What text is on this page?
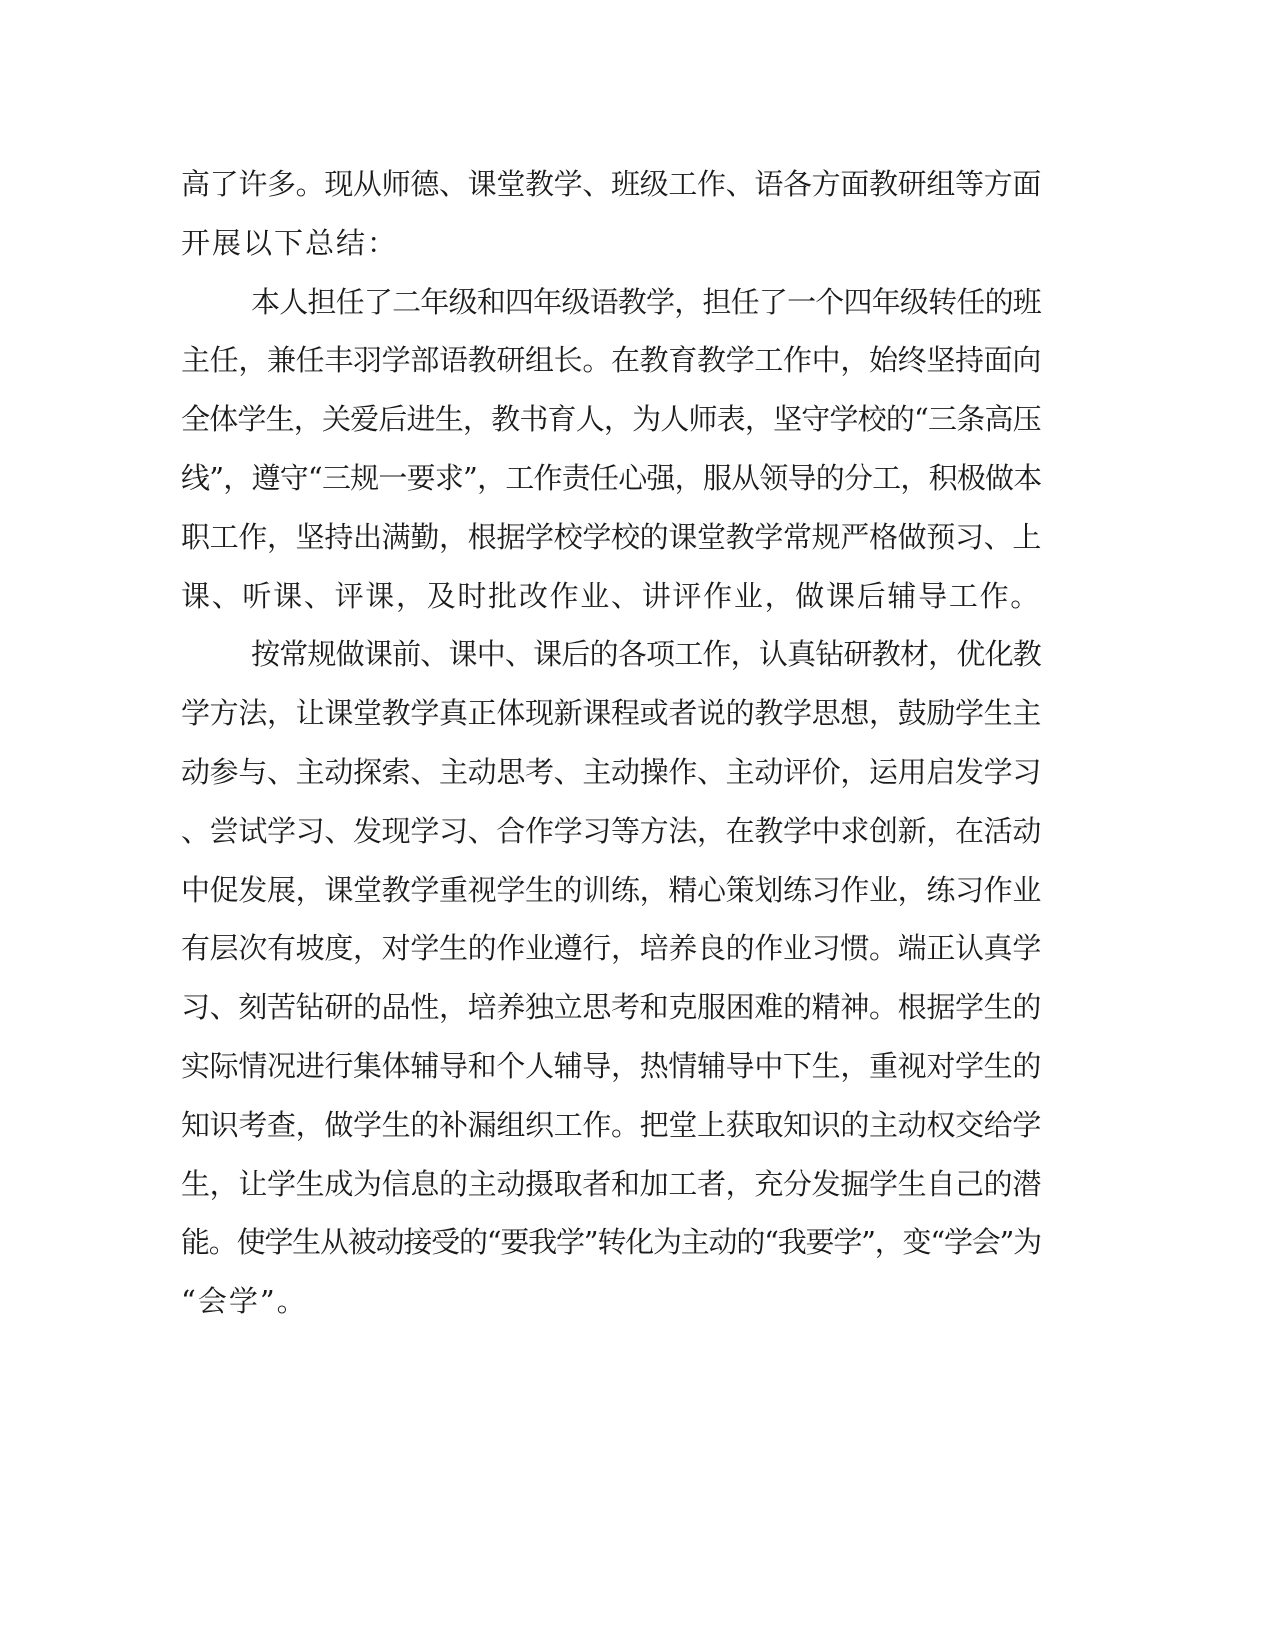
高了许多。现从师德、课堂教学、班级工作、语各方面教研组等方面
开展以下总结：
本人担任了二年级和四年级语教学，担任了一个四年级转任的班
主任，兼任丰羽学部语教研组长。在教育教学工作中，始终坚持面向
全体学生，关爱后进生，教书育人，为人师表，坚守学校的“三条高压
线”，遵守“三规一要求”，工作责任心强，服从领导的分工，积极做本
职工作，坚持出满勤，根据学校学校的课堂教学常规严格做预习、上
课、听课、评课，及时批改作业、讲评作业，做课后辅导工作。
按常规做课前、课中、课后的各项工作，认真钻研教材，优化教
学方法，让课堂教学真正体现新课程或者说的教学思想，鼓励学生主
动参与、主动探索、主动思考、主动操作、主动评价，运用启发学习
、尝试学习、发现学习、合作学习等方法，在教学中求创新，在活动
中促发展，课堂教学重视学生的训练，精心策划练习作业，练习作业
有层次有坡度，对学生的作业遵行，培养良的作业习惯。端正认真学
习、刻苦钻研的品性，培养独立思考和克服困难的精神。根据学生的
实际情况进行集体辅导和个人辅导，热情辅导中下生，重视对学生的
知识考查，做学生的补漏组织工作。把堂上获取知识的主动权交给学
生，让学生成为信息的主动摄取者和加工者，充分发掘学生自己的潜
能。使学生从被动接受的“要我学”转化为主动的“我要学”，变“学会”为
“会学”。
